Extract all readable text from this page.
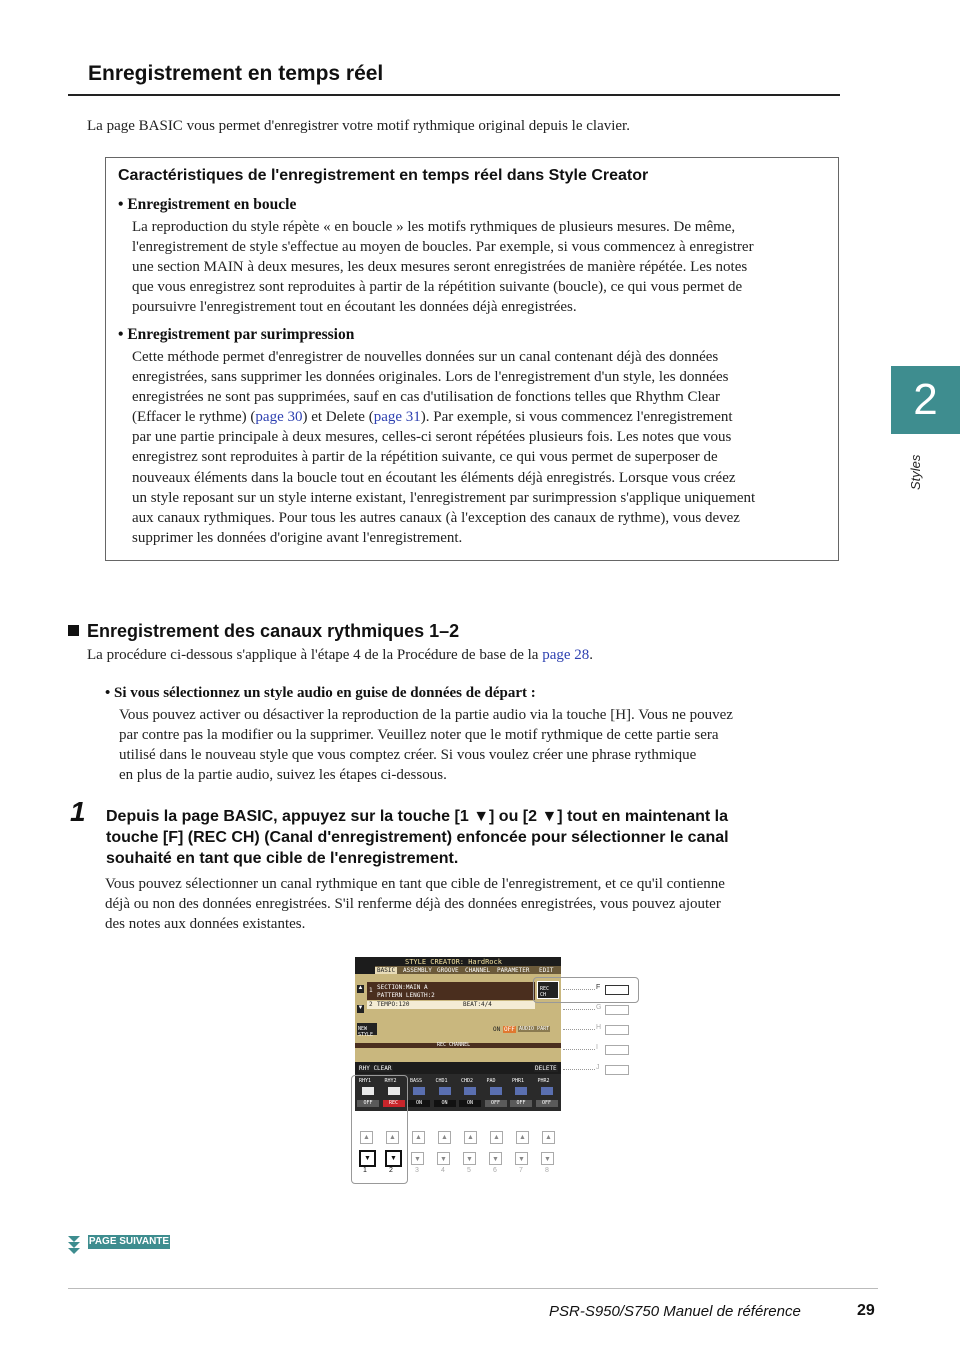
Enregistrement en temps réel
La page BASIC vous permet d'enregistrer votre motif rythmique original depuis le clavier.
Caractéristiques de l'enregistrement en temps réel dans Style Creator
• Enregistrement en boucle
La reproduction du style répète « en boucle » les motifs rythmiques de plusieurs mesures. De même,
l'enregistrement de style s'effectue au moyen de boucles. Par exemple, si vous commencez à enregistrer
une section MAIN à deux mesures, les deux mesures seront enregistrées de manière répétée. Les notes
que vous enregistrez sont reproduites à partir de la répétition suivante (boucle), ce qui vous permet de
poursuivre l'enregistrement tout en écoutant les données déjà enregistrées.
• Enregistrement par surimpression
Cette méthode permet d'enregistrer de nouvelles données sur un canal contenant déjà des données
enregistrées, sans supprimer les données originales. Lors de l'enregistrement d'un style, les données
enregistrées ne sont pas supprimées, sauf en cas d'utilisation de fonctions telles que Rhythm Clear
(Effacer le rythme) (page 30) et Delete (page 31). Par exemple, si vous commencez l'enregistrement
par une partie principale à deux mesures, celles-ci seront répétées plusieurs fois. Les notes que vous
enregistrez sont reproduites à partir de la répétition suivante, ce qui vous permet de superposer de
nouveaux éléments dans la boucle tout en écoutant les éléments déjà enregistrés. Lorsque vous créez
un style reposant sur un style interne existant, l'enregistrement par surimpression s'applique uniquement
aux canaux rythmiques. Pour tous les autres canaux (à l'exception des canaux de rythme), vous devez
supprimer les données d'origine avant l'enregistrement.
2
Styles
Enregistrement des canaux rythmiques 1–2
La procédure ci-dessous s'applique à l'étape 4 de la Procédure de base de la page 28.
• Si vous sélectionnez un style audio en guise de données de départ :
Vous pouvez activer ou désactiver la reproduction de la partie audio via la touche [H]. Vous ne pouvez
par contre pas la modifier ou la supprimer. Veuillez noter que le motif rythmique de cette partie sera
utilisé dans le nouveau style que vous comptez créer. Si vous voulez créer une phrase rythmique
en plus de la partie audio, suivez les étapes ci-dessous.
1 Depuis la page BASIC, appuyez sur la touche [1 ▼] ou [2 ▼] tout en maintenant la
touche [F] (REC CH) (Canal d'enregistrement) enfoncée pour sélectionner le canal
souhaité en tant que cible de l'enregistrement.
Vous pouvez sélectionner un canal rythmique en tant que cible de l'enregistrement, et ce qu'il contienne
déjà ou non des données enregistrées. S'il renferme déjà des données enregistrées, vous pouvez ajouter
des notes aux données existantes.
STYLE CREATOR: HardRock
BASIC	ASSEMBLY GROOVE CHANNEL PARAMETER EDIT
▲
▼
1 SECTION:MAIN A
PATTERN LENGTH:2
2 TEMPO:120	BEAT:4/4
REC CH
NEW STYLE
ON OFF AUDIO PART
REC CHANNEL
RHY CLEAR	DELETE
RHY1
OFF
RHY2
REC
BASS
ON
CHD1
ON
CHD2
ON
PAD
OFF
PHR1
OFF
PHR2
OFF
F
G
H
I
J
▲
▼
1
▲
▼
2
▲
▼
3
▲
▼
4
▲
▼
5
▲
▼
6
▲
▼
7
▲
▼
8
PAGE SUIVANTE
PSR-S950/S750 Manuel de référence	29
